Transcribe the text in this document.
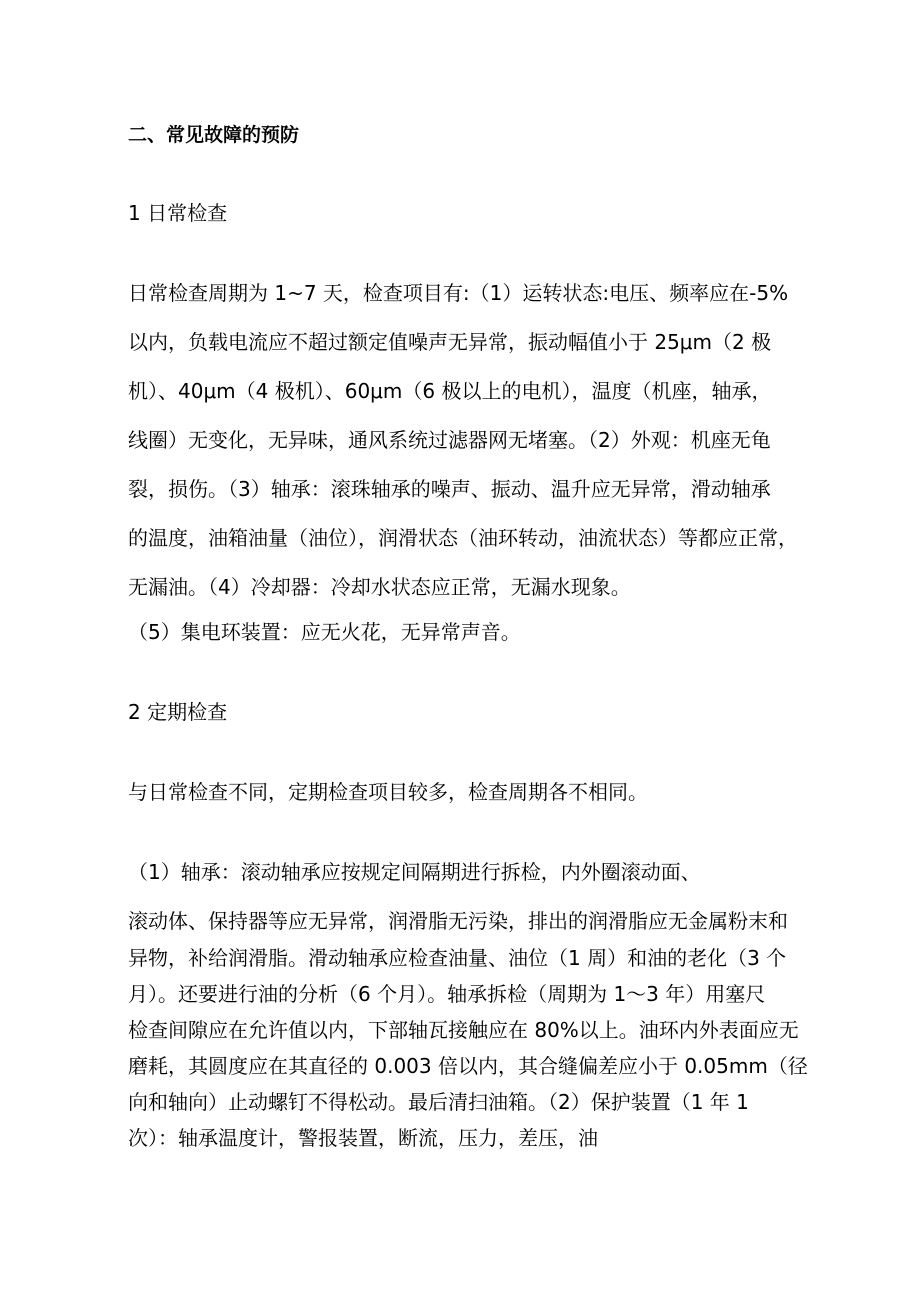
二、常见故障的预防
1 日常检查
日常检查周期为 1~7 天，检查项目有:（1）运转状态:电压、频率应在-5%
以内，负载电流应不超过额定值噪声无异常，振动幅值小于 25μm（2 极
机）、40μm（4 极机）、60μm（6 极以上的电机），温度（机座，轴承，
线圈）无变化，无异味，通风系统过滤器网无堵塞。（2）外观：机座无龟
裂，损伤。（3）轴承：滚珠轴承的噪声、振动、温升应无异常，滑动轴承
的温度，油箱油量（油位），润滑状态（油环转动，油流状态）等都应正常，
无漏油。（4）冷却器：冷却水状态应正常，无漏水现象。
（5）集电环装置：应无火花，无异常声音。
2 定期检查
与日常检查不同，定期检查项目较多，检查周期各不相同。
（1）轴承：滚动轴承应按规定间隔期进行拆检，内外圈滚动面、
滚动体、保持器等应无异常，润滑脂无污染，排出的润滑脂应无金属粉末和
异物，补给润滑脂。滑动轴承应检查油量、油位（1 周）和油的老化（3 个
月）。还要进行油的分析（6 个月）。轴承拆检（周期为 1～3 年）用塞尺
检查间隙应在允许值以内，下部轴瓦接触应在 80%以上。油环内外表面应无
磨耗，其圆度应在其直径的 0.003 倍以内，其合缝偏差应小于 0.05mm（径
向和轴向）止动螺钉不得松动。最后清扫油箱。（2）保护装置（1 年 1
次）：轴承温度计，警报装置，断流，压力，差压，油
